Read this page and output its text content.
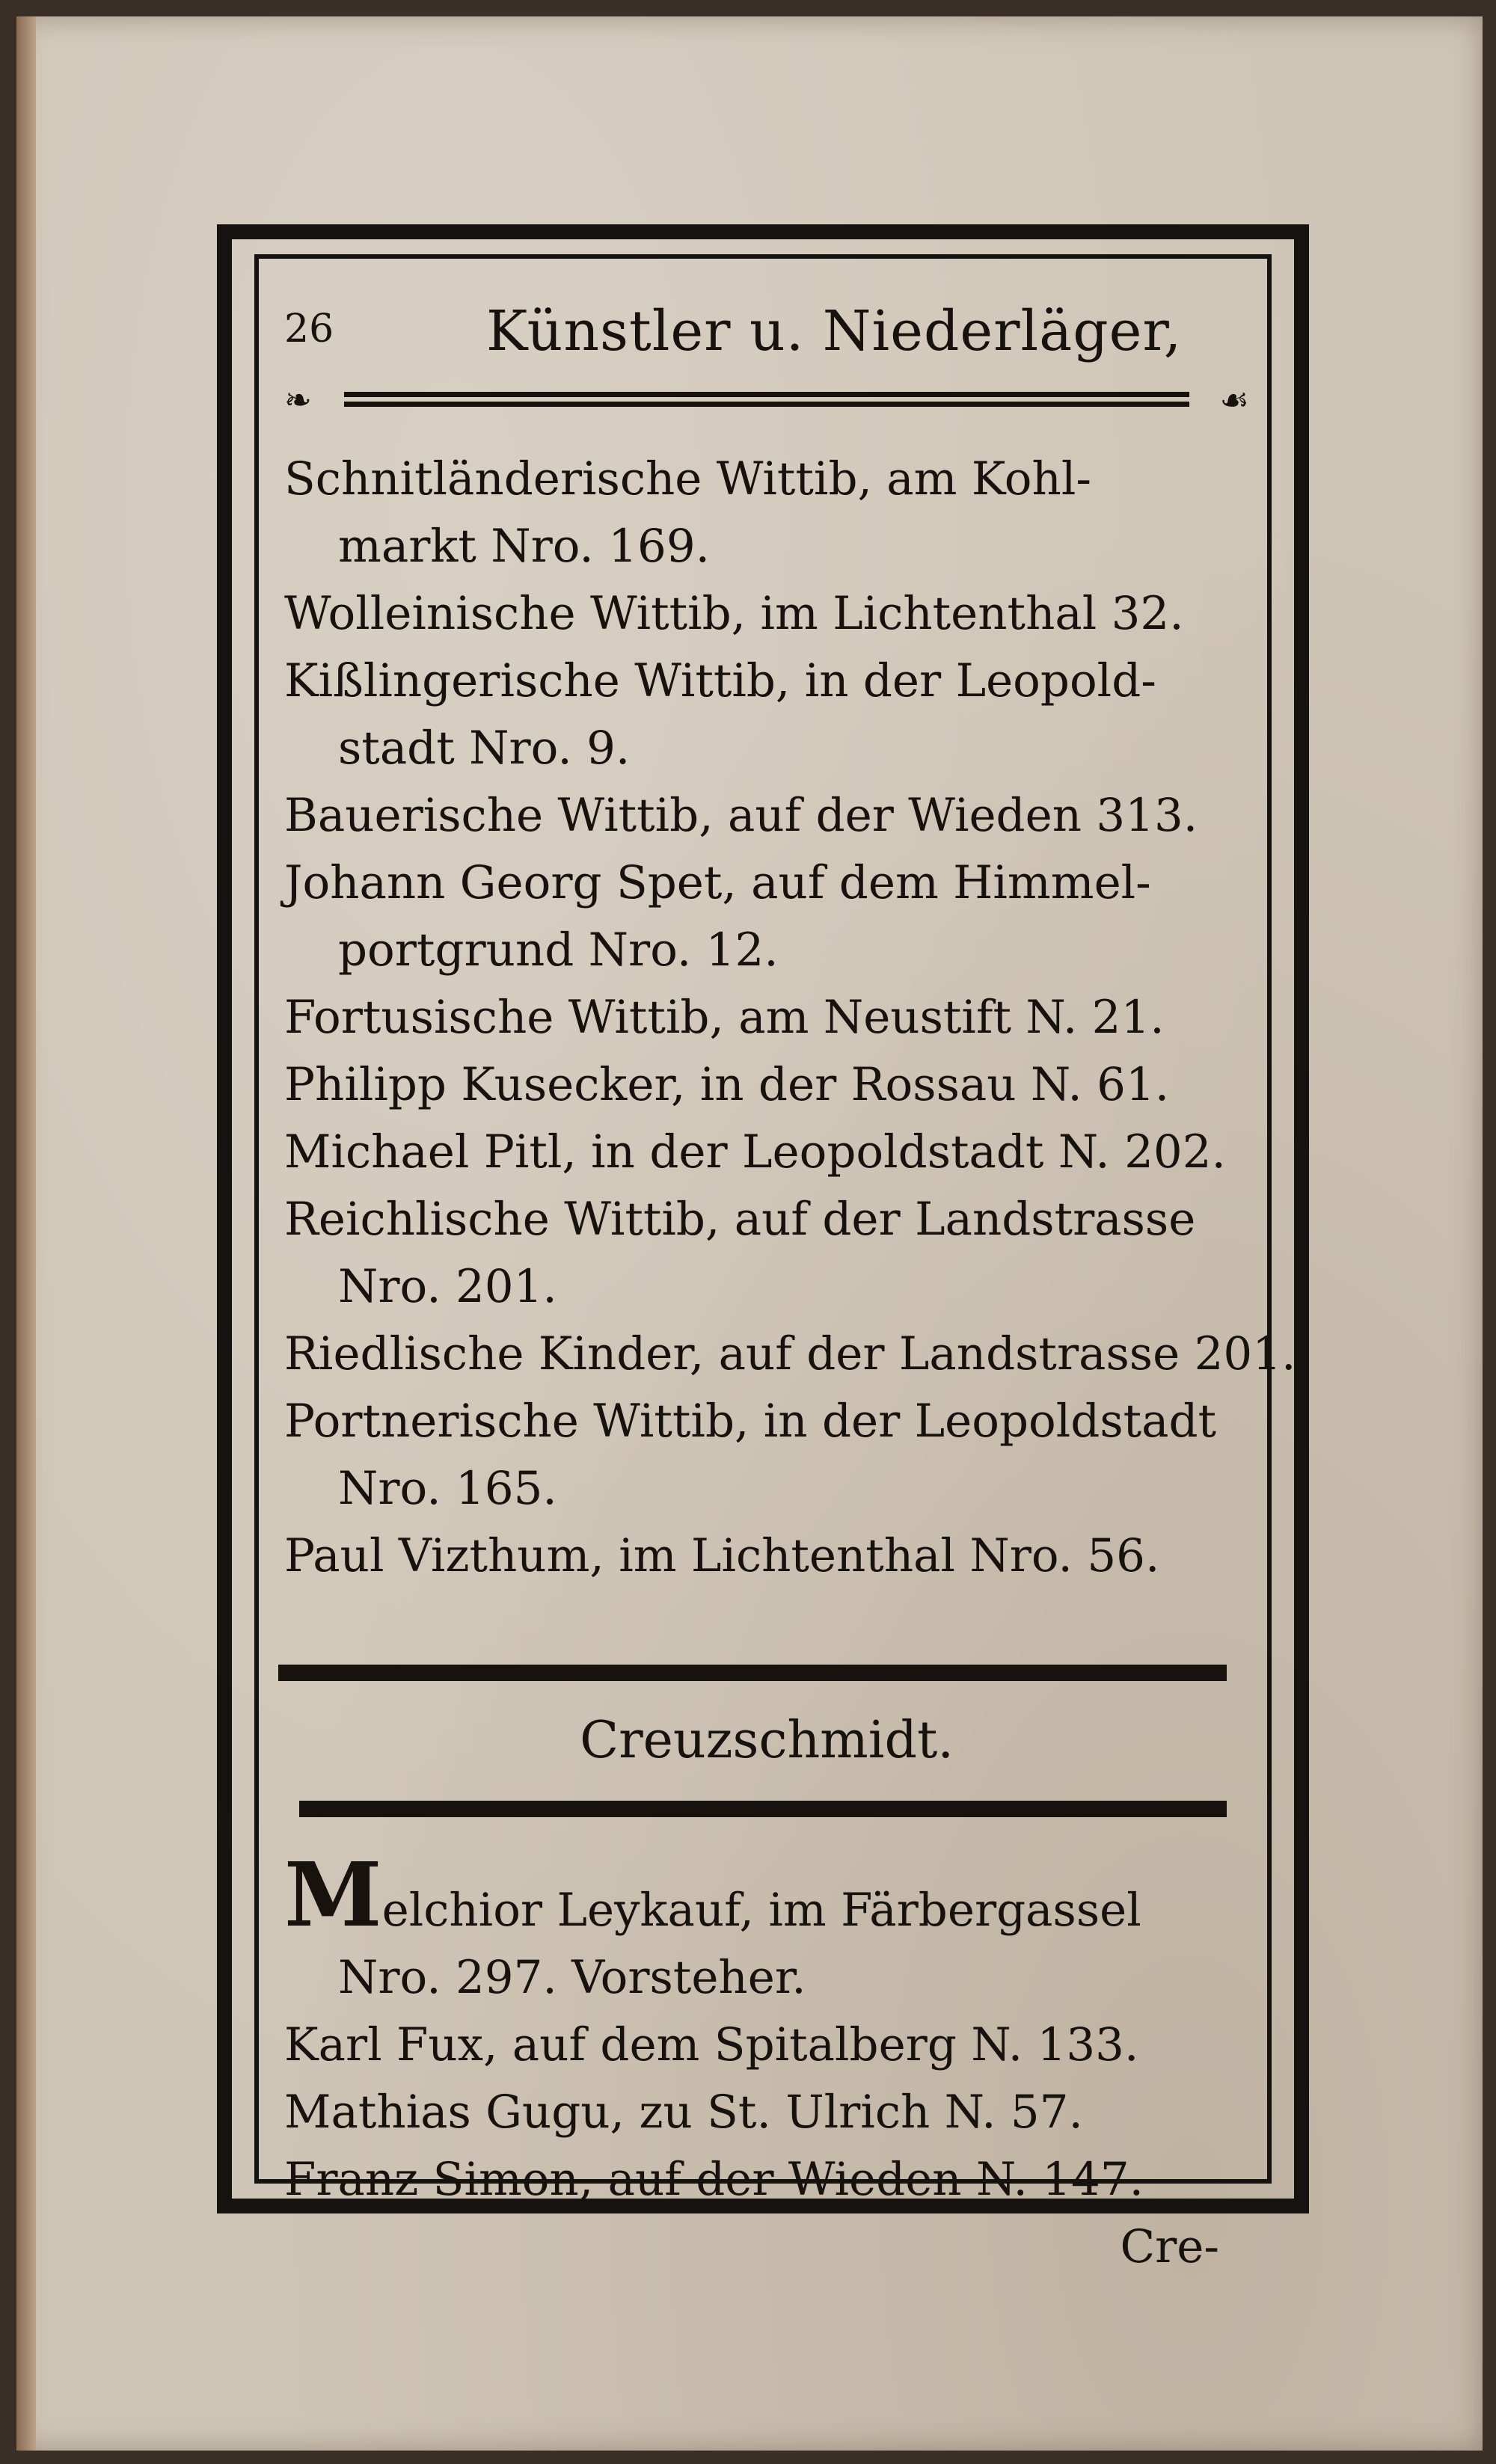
26	Künstler u. Niederläger,
❧	☙
Schnitländerische Wittib, am Kohl-
markt Nro. 169.
Wolleinische Wittib, im Lichtenthal 32.
Kißlingerische Wittib, in der Leopold-
stadt Nro. 9.
Bauerische Wittib, auf der Wieden 313.
Johann Georg Spet, auf dem Himmel-
portgrund Nro. 12.
Fortusische Wittib, am Neustift N. 21.
Philipp Kusecker, in der Rossau N. 61.
Michael Pitl, in der Leopoldstadt N. 202.
Reichlische Wittib, auf der Landstrasse
Nro. 201.
Riedlische Kinder, auf der Landstrasse 201.
Portnerische Wittib, in der Leopoldstadt
Nro. 165.
Paul Vizthum, im Lichtenthal Nro. 56.
Creuzschmidt.
Melchior Leykauf, im Färbergassel
Nro. 297. Vorsteher.
Karl Fux, auf dem Spitalberg N. 133.
Mathias Gugu, zu St. Ulrich N. 57.
Franz Simon, auf der Wieden N. 147.
Cre-
